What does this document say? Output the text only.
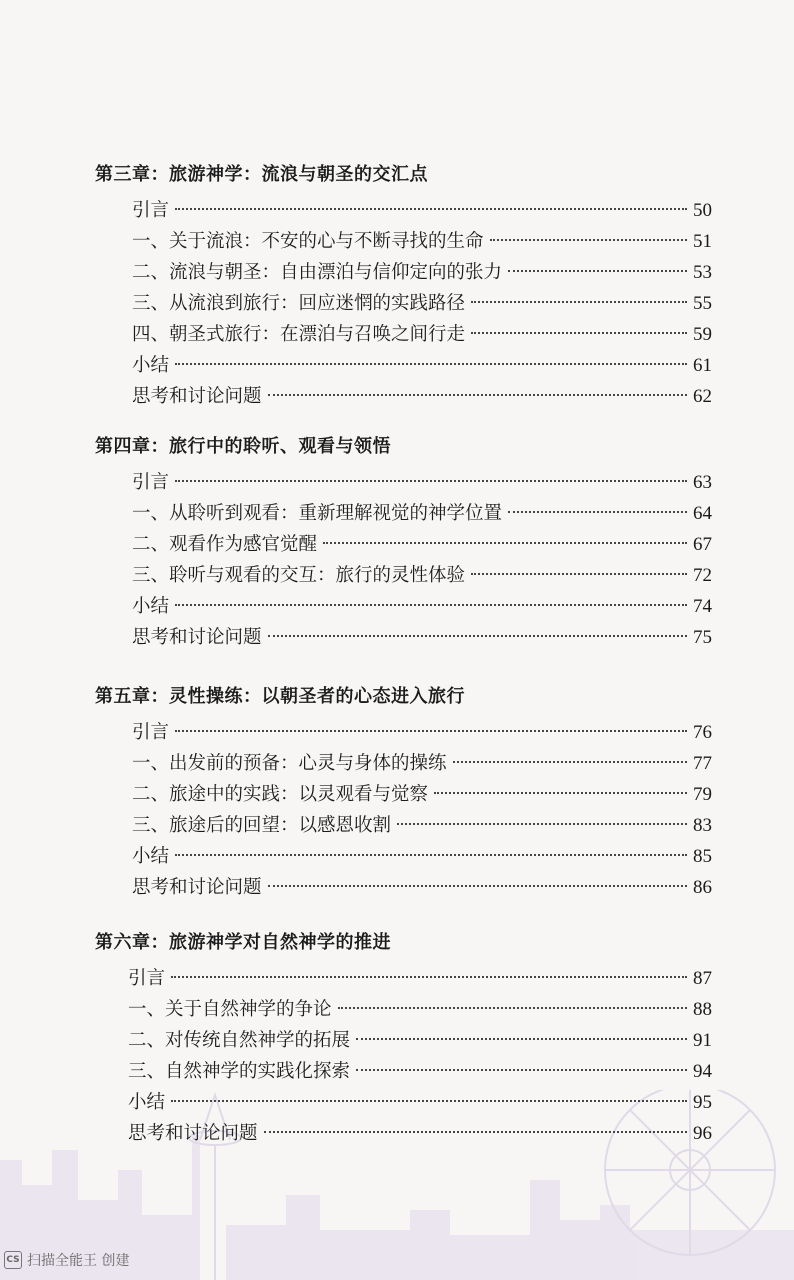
第三章：旅游神学：流浪与朝圣的交汇点
引言	50
一、关于流浪：不安的心与不断寻找的生命	51
二、流浪与朝圣：自由漂泊与信仰定向的张力	53
三、从流浪到旅行：回应迷惘的实践路径	55
四、朝圣式旅行：在漂泊与召唤之间行走	59
小结	61
思考和讨论问题	62
第四章：旅行中的聆听、观看与领悟
引言	63
一、从聆听到观看：重新理解视觉的神学位置	64
二、观看作为感官觉醒	67
三、聆听与观看的交互：旅行的灵性体验	72
小结	74
思考和讨论问题	75
第五章：灵性操练：以朝圣者的心态进入旅行
引言	76
一、出发前的预备：心灵与身体的操练	77
二、旅途中的实践：以灵观看与觉察	79
三、旅途后的回望：以感恩收割	83
小结	85
思考和讨论问题	86
第六章：旅游神学对自然神学的推进
引言	87
一、关于自然神学的争论	88
二、对传统自然神学的拓展	91
三、自然神学的实践化探索	94
小结	95
思考和讨论问题	96
CS 扫描全能王 创建
